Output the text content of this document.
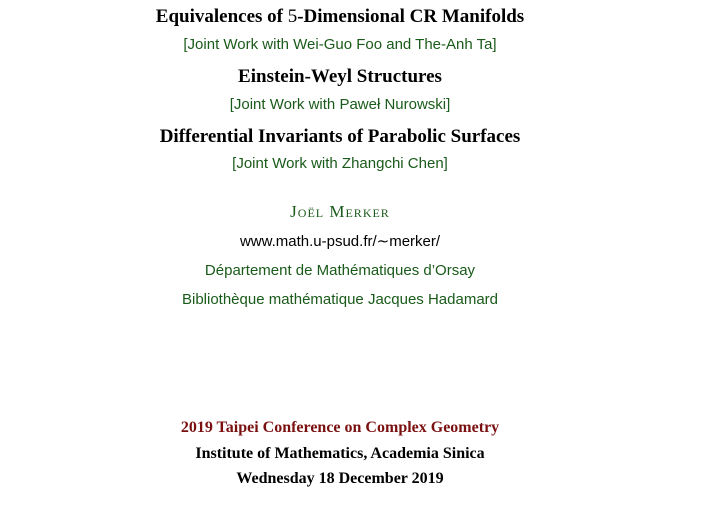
Equivalences of 5-Dimensional CR Manifolds
[Joint Work with Wei-Guo Foo and The-Anh Ta]
Einstein-Weyl Structures
[Joint Work with Paweł Nurowski]
Differential Invariants of Parabolic Surfaces
[Joint Work with Zhangchi Chen]
Joël Merker
www.math.u-psud.fr/∼merker/
Département de Mathématiques d’Orsay
Bibliothèque mathématique Jacques Hadamard
2019 Taipei Conference on Complex Geometry
Institute of Mathematics, Academia Sinica
Wednesday 18 December 2019
